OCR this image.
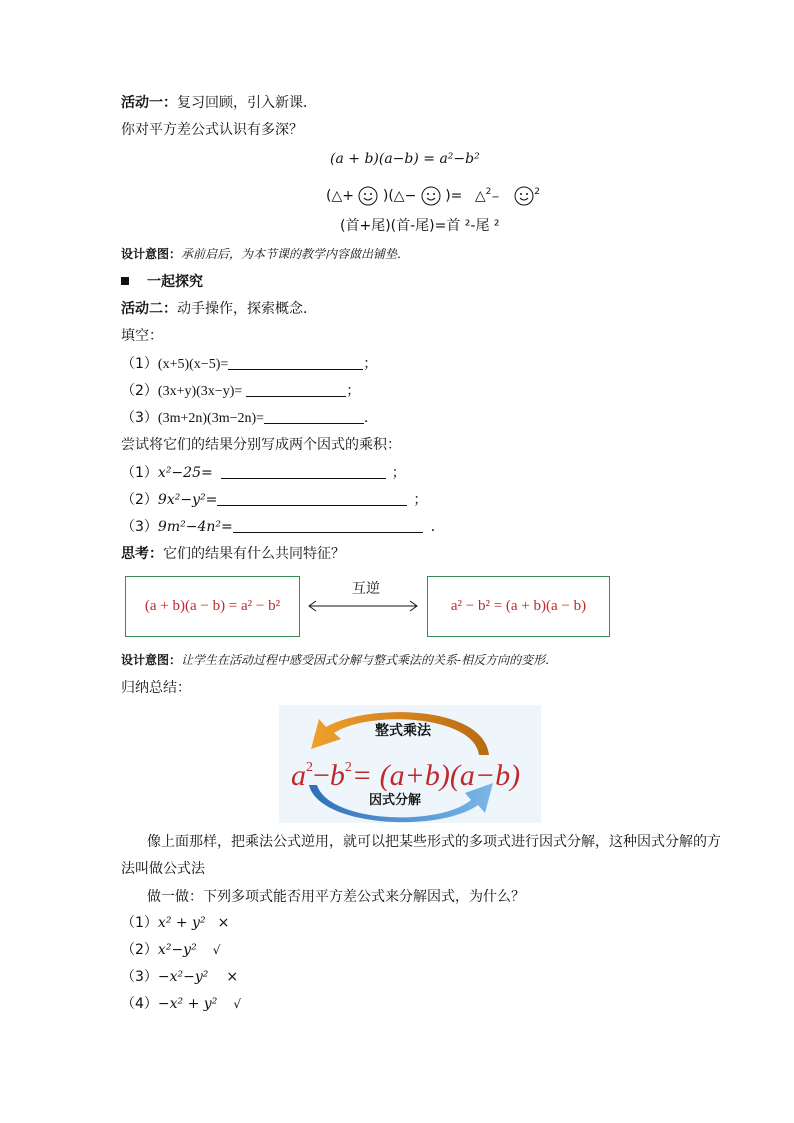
活动一：复习回顾，引入新课．
你对平方差公式认识有多深？
(a + b)(a−b) = a²−b²
(△+ )(△− )= △$^2$−	$^2$
(首+尾)(首-尾)=首 ²-尾 ²
设计意图：承前启后，为本节课的教学内容做出铺垫．
一起探究
活动二：动手操作，探索概念．
填空：
（1）(x+5)(x−5)=	；
（2）(3x+y)(3x−y)=	；
（3）(3m+2n)(3m−2n)=	．
尝试将它们的结果分别写成两个因式的乘积：
（1）x²−25=	；
（2）9x²−y²=	；
（3）9m²−4n²=	．
思考：它们的结果有什么共同特征？
(a + b)(a − b) = a² − b²
互逆
a² − b² = (a + b)(a − b)
设计意图：让学生在活动过程中感受因式分解与整式乘法的关系-相反方向的变形．
归纳总结：
整式乘法
因式分解
$a^2-b^2= (a+b)(a-b)$
像上面那样，把乘法公式逆用，就可以把某些形式的多项式进行因式分解，这种因式分解的方
法叫做公式法
做一做：下列多项式能否用平方差公式来分解因式，为什么？
（1）x² + y² ×
（2）x²−y² √
（3）−x²−y² ×
（4）−x² + y² √
